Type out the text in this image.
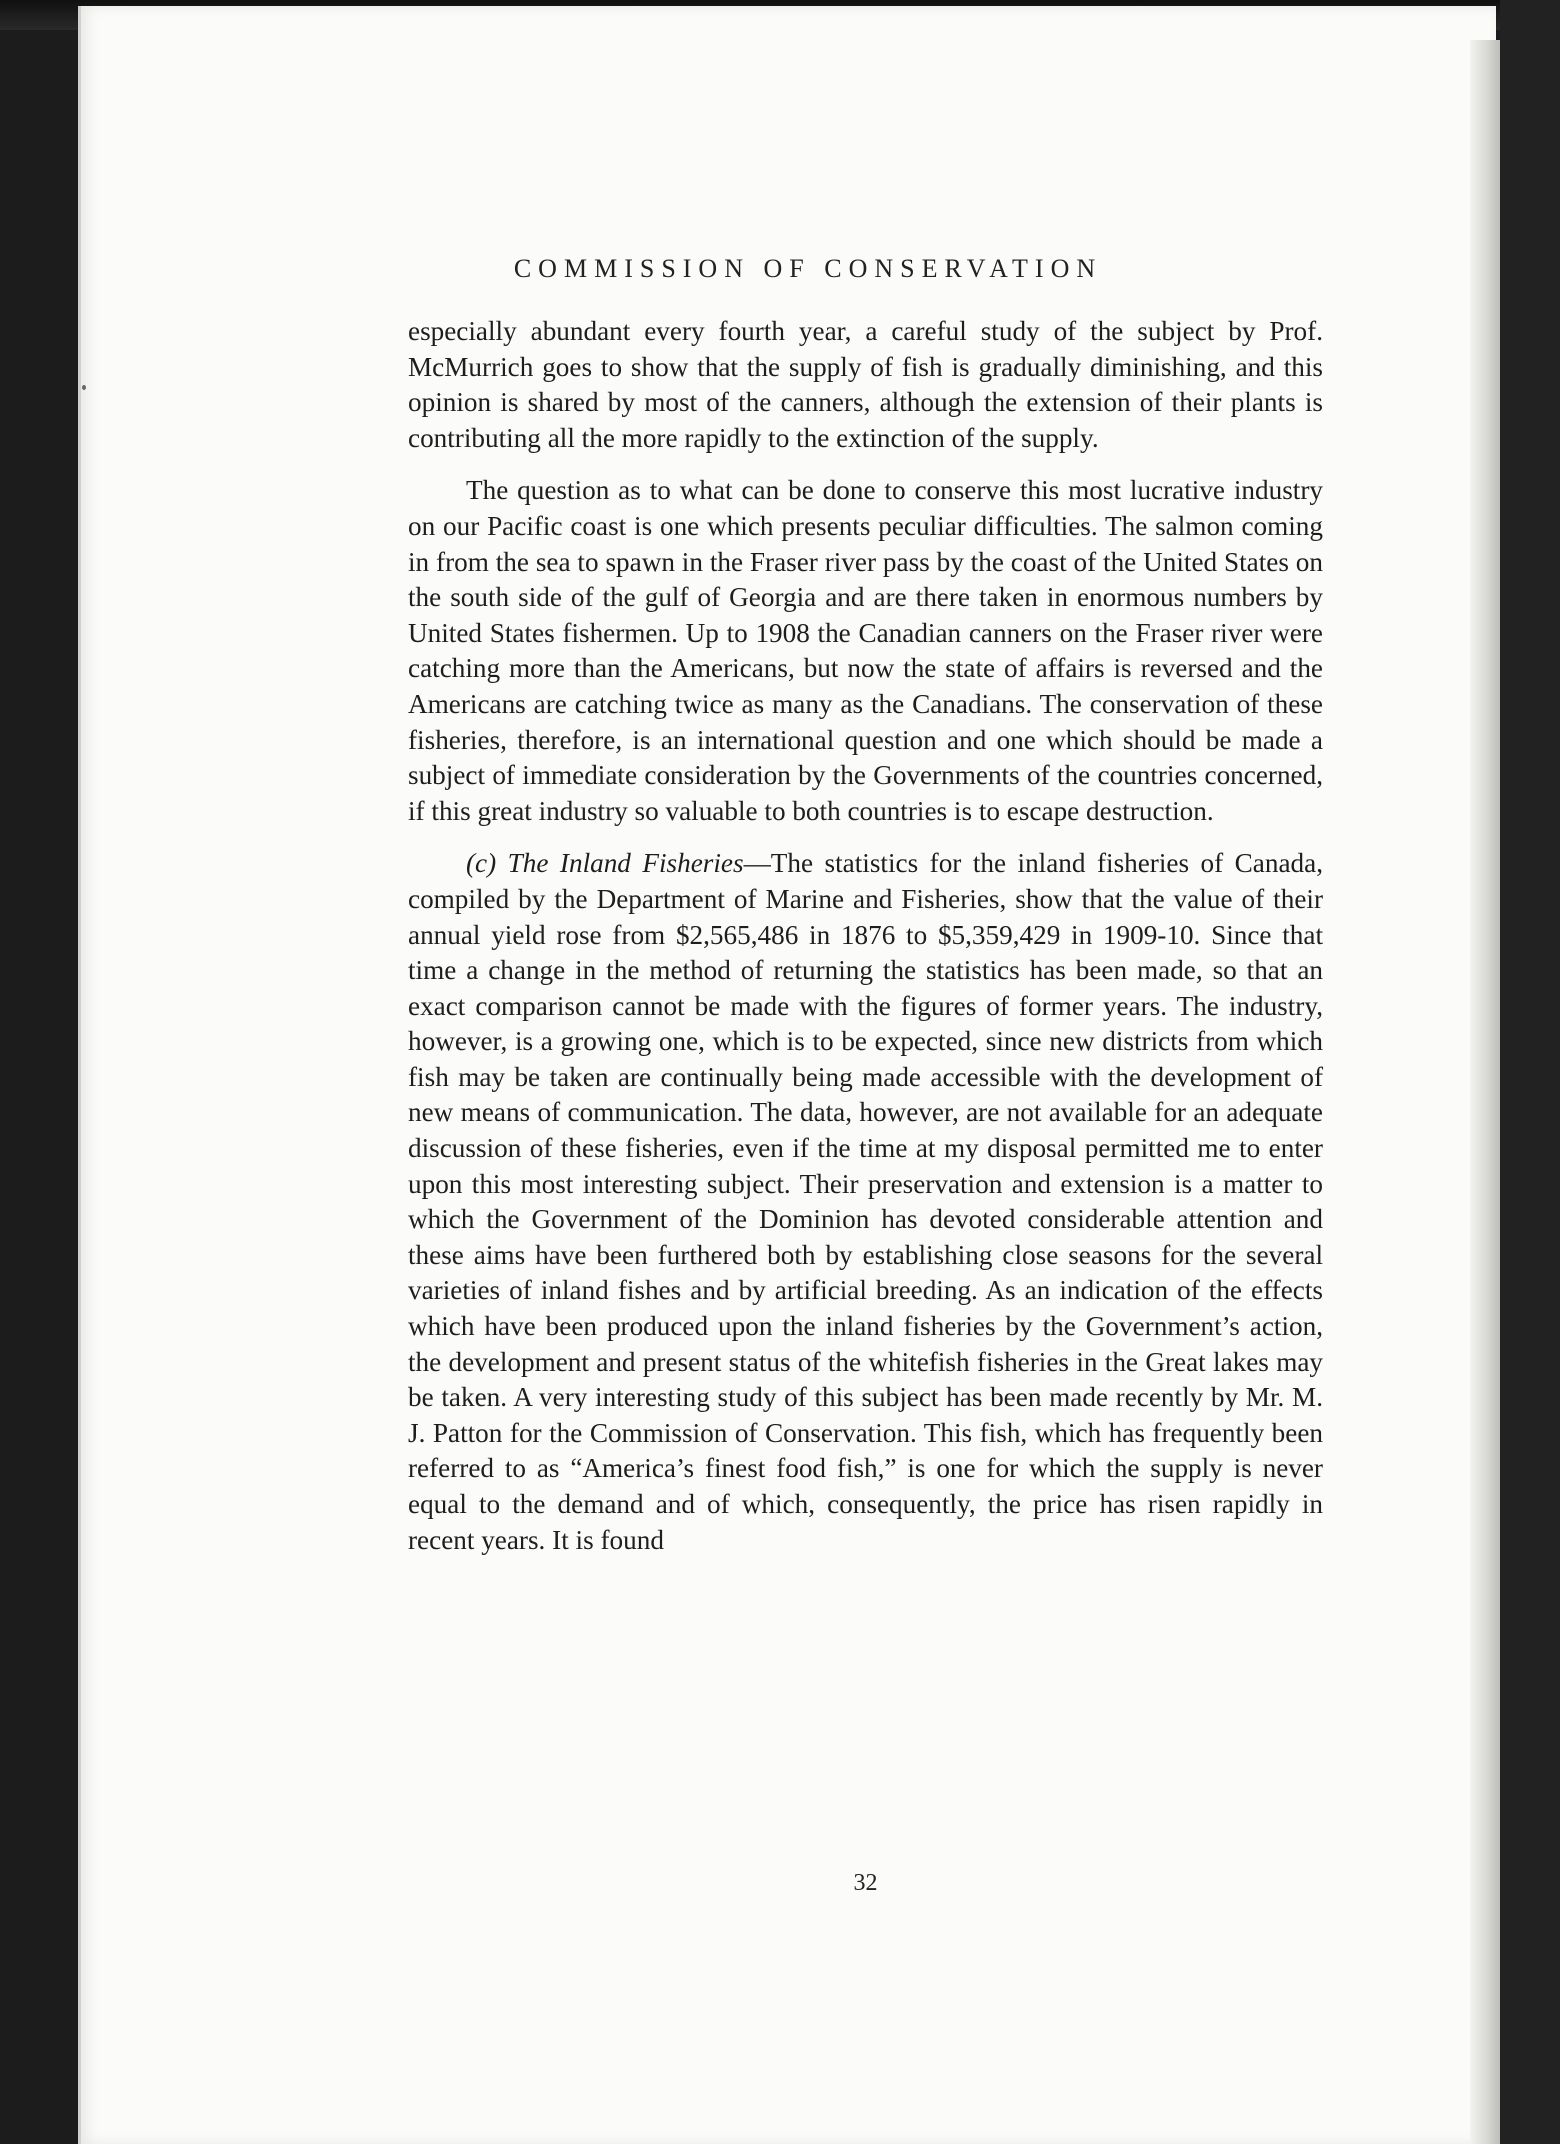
COMMISSION OF CONSERVATION

especially abundant every fourth year, a careful study of the subject by Prof. McMurrich goes to show that the supply of fish is gradually diminishing, and this opinion is shared by most of the canners, although the extension of their plants is contributing all the more rapidly to the extinction of the supply.

The question as to what can be done to conserve this most lucrative industry on our Pacific coast is one which presents peculiar difficulties. The salmon coming in from the sea to spawn in the Fraser river pass by the coast of the United States on the south side of the gulf of Georgia and are there taken in enormous numbers by United States fishermen. Up to 1908 the Canadian canners on the Fraser river were catching more than the Americans, but now the state of affairs is reversed and the Americans are catching twice as many as the Canadians. The conservation of these fisheries, therefore, is an international question and one which should be made a subject of immediate consideration by the Governments of the countries concerned, if this great industry so valuable to both countries is to escape destruction.

(c) The Inland Fisheries—The statistics for the inland fisheries of Canada, compiled by the Department of Marine and Fisheries, show that the value of their annual yield rose from $2,565,486 in 1876 to $5,359,429 in 1909-10. Since that time a change in the method of returning the statistics has been made, so that an exact comparison cannot be made with the figures of former years. The industry, however, is a growing one, which is to be expected, since new districts from which fish may be taken are continually being made accessible with the development of new means of communication. The data, however, are not available for an adequate discussion of these fisheries, even if the time at my disposal permitted me to enter upon this most interesting subject. Their preservation and extension is a matter to which the Government of the Dominion has devoted considerable attention and these aims have been furthered both by establishing close seasons for the several varieties of inland fishes and by artificial breeding. As an indication of the effects which have been produced upon the inland fisheries by the Government’s action, the development and present status of the whitefish fisheries in the Great lakes may be taken. A very interesting study of this subject has been made recently by Mr. M. J. Patton for the Commission of Conservation. This fish, which has frequently been referred to as “America’s finest food fish,” is one for which the supply is never equal to the demand and of which, consequently, the price has risen rapidly in recent years. It is found

32
